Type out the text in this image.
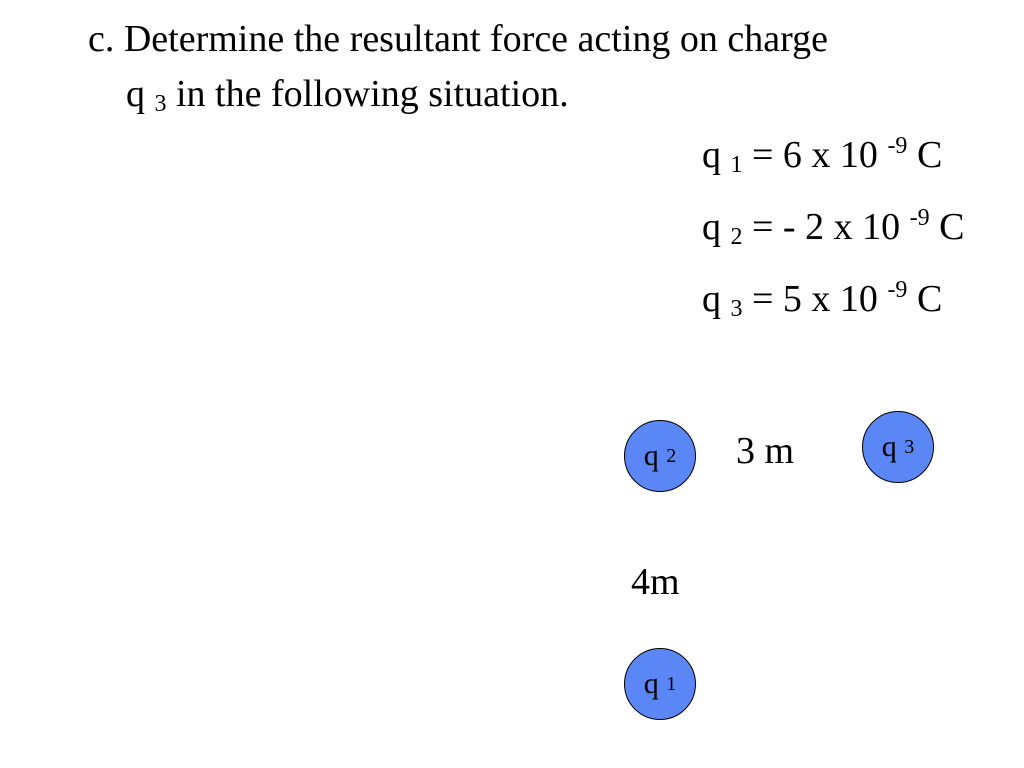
c. Determine the resultant force acting on charge
q $_3$ in the following situation.
q $_1$ = 6 x 10 $^{-9}$ C
q $_2$ = - 2 x 10 $^{-9}$ C
q $_3$ = 5 x 10 $^{-9}$ C
q
2 3 m	q
3
4m
q
1
